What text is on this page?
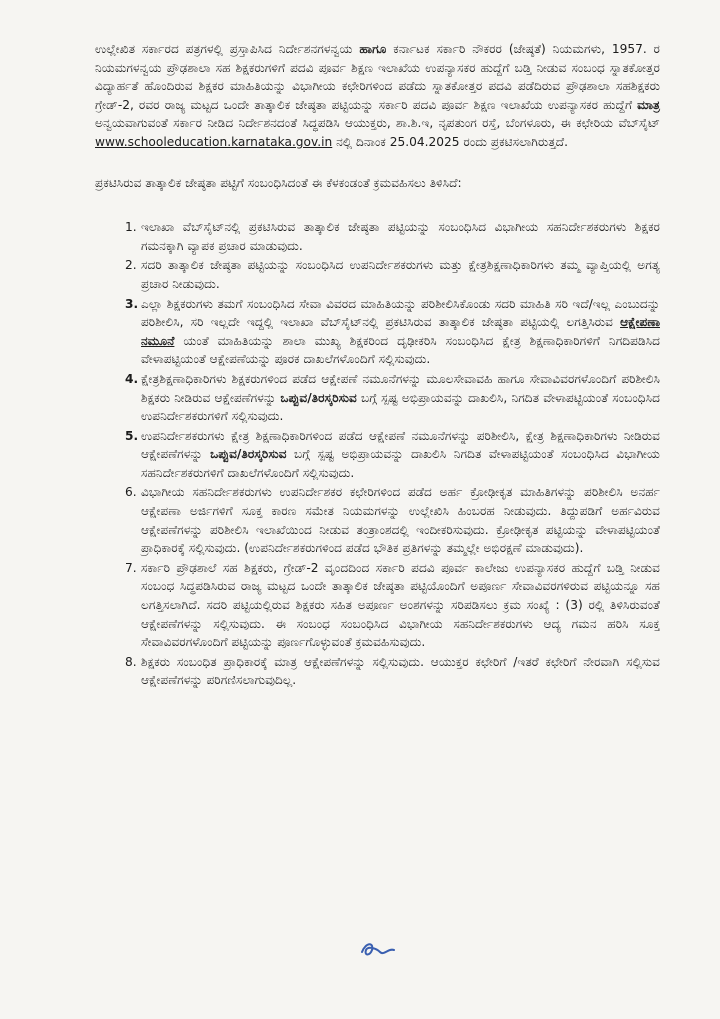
ಉಲ್ಲೇಖಿತ ಸರ್ಕಾರದ ಪತ್ರಗಳಲ್ಲಿ ಪ್ರಸ್ತಾಪಿಸಿದ ನಿರ್ದೇಶನಗಳನ್ವಯ ಹಾಗೂ ಕರ್ನಾಟಕ ಸರ್ಕಾರಿ ನೌಕರರ (ಜೇಷ್ಠತೆ) ನಿಯಮಗಳು, 1957. ರ ನಿಯಮಗಳನ್ವಯ ಪ್ರೌಢಶಾಲಾ ಸಹ ಶಿಕ್ಷಕರುಗಳಿಗೆ ಪದವಿ ಪೂರ್ವ ಶಿಕ್ಷಣ ಇಲಾಖೆಯ ಉಪನ್ಯಾಸಕರ ಹುದ್ದೆಗೆ ಬಡ್ತಿ ನೀಡುವ ಸಂಬಂಧ ಸ್ನಾತಕೋತ್ತರ ವಿದ್ಯಾರ್ಹತೆ ಹೊಂದಿರುವ ಶಿಕ್ಷಕರ ಮಾಹಿತಿಯನ್ನು ವಿಭಾಗೀಯ ಕಛೇರಿಗಳಿಂದ ಪಡೆದು ಸ್ನಾತಕೋತ್ತರ ಪದವಿ ಪಡೆದಿರುವ ಪ್ರೌಢಶಾಲಾ ಸಹಶಿಕ್ಷಕರು ಗ್ರೇಡ್-2, ರವರ ರಾಜ್ಯ ಮಟ್ಟದ ಒಂದೇ ತಾತ್ಕಾಲಿಕ ಜೇಷ್ಠತಾ ಪಟ್ಟಿಯನ್ನು ಸರ್ಕಾರಿ ಪದವಿ ಪೂರ್ವ ಶಿಕ್ಷಣ ಇಲಾಖೆಯ ಉಪನ್ಯಾಸಕರ ಹುದ್ದೆಗೆ ಮಾತ್ರ ಅನ್ವಯವಾಗುವಂತೆ ಸರ್ಕಾರ ನೀಡಿದ ನಿರ್ದೇಶನದಂತೆ ಸಿದ್ಧಪಡಿಸಿ ಆಯುಕ್ತರು, ಶಾ.ಶಿ.ಇ, ನೃಪತುಂಗ ರಸ್ತೆ, ಬೆಂಗಳೂರು, ಈ ಕಛೇರಿಯ ವೆಬ್‌ಸೈಟ್ www.schooleducation.karnataka.gov.in ನಲ್ಲಿ ದಿನಾಂಕ 25.04.2025 ರಂದು ಪ್ರಕಟಿಸಲಾಗಿರುತ್ತದೆ.

ಪ್ರಕಟಿಸಿರುವ ತಾತ್ಕಾಲಿಕ ಜೇಷ್ಠತಾ ಪಟ್ಟಿಗೆ ಸಂಬಂಧಿಸಿದಂತೆ ಈ ಕೆಳಕಂಡಂತೆ ಕ್ರಮವಹಿಸಲು ತಿಳಿಸಿದೆ:

1. ಇಲಾಖಾ ವೆಬ್‌ಸೈಟ್‌ನಲ್ಲಿ ಪ್ರಕಟಿಸಿರುವ ತಾತ್ಕಾಲಿಕ ಜೇಷ್ಠತಾ ಪಟ್ಟಿಯನ್ನು ಸಂಬಂಧಿಸಿದ ವಿಭಾಗೀಯ ಸಹನಿರ್ದೇಶಕರುಗಳು ಶಿಕ್ಷಕರ ಗಮನಕ್ಕಾಗಿ ವ್ಯಾಪಕ ಪ್ರಚಾರ ಮಾಡುವುದು.

2. ಸದರಿ ತಾತ್ಕಾಲಿಕ ಜೇಷ್ಠತಾ ಪಟ್ಟಿಯನ್ನು ಸಂಬಂಧಿಸಿದ ಉಪನಿರ್ದೇಶಕರುಗಳು ಮತ್ತು ಕ್ಷೇತ್ರಶಿಕ್ಷಣಾಧಿಕಾರಿಗಳು ತಮ್ಮ ವ್ಯಾಪ್ತಿಯಲ್ಲಿ ಅಗತ್ಯ ಪ್ರಚಾರ ನೀಡುವುದು.

3. ಎಲ್ಲಾ ಶಿಕ್ಷಕರುಗಳು ತಮಗೆ ಸಂಬಂಧಿಸಿದ ಸೇವಾ ವಿವರದ ಮಾಹಿತಿಯನ್ನು ಪರಿಶೀಲಿಸಿಕೊಂಡು ಸದರಿ ಮಾಹಿತಿ ಸರಿ ಇದೆ/ಇಲ್ಲ ಎಂಬುದನ್ನು ಪರಿಶೀಲಿಸಿ, ಸರಿ ಇಲ್ಲದೇ ಇದ್ದಲ್ಲಿ ಇಲಾಖಾ ವೆಬ್‌ಸೈಟ್‌ನಲ್ಲಿ ಪ್ರಕಟಿಸಿರುವ ತಾತ್ಕಾಲಿಕ ಜೇಷ್ಠತಾ ಪಟ್ಟಿಯಲ್ಲಿ ಲಗತ್ತಿಸಿರುವ ಆಕ್ಷೇಪಣಾ ನಮೂನೆ ಯಂತೆ ಮಾಹಿತಿಯನ್ನು ಶಾಲಾ ಮುಖ್ಯ ಶಿಕ್ಷಕರಿಂದ ದೃಢೀಕರಿಸಿ ಸಂಬಂಧಿಸಿದ ಕ್ಷೇತ್ರ ಶಿಕ್ಷಣಾಧಿಕಾರಿಗಳಿಗೆ ನಿಗದಿಪಡಿಸಿದ ವೇಳಾಪಟ್ಟಿಯಂತೆ ಆಕ್ಷೇಪಣೆಯನ್ನು ಪೂರಕ ದಾಖಲೆಗಳೊಂದಿಗೆ ಸಲ್ಲಿಸುವುದು.

4. ಕ್ಷೇತ್ರಶಿಕ್ಷಣಾಧಿಕಾರಿಗಳು ಶಿಕ್ಷಕರುಗಳಿಂದ ಪಡೆದ ಆಕ್ಷೇಪಣೆ ನಮೂನೆಗಳನ್ನು ಮೂಲಸೇವಾವಹಿ ಹಾಗೂ ಸೇವಾವಿವರಗಳೊಂದಿಗೆ ಪರಿಶೀಲಿಸಿ ಶಿಕ್ಷಕರು ನೀಡಿರುವ ಆಕ್ಷೇಪಣೆಗಳನ್ನು ಒಪ್ಪುವ/ತಿರಸ್ಕರಿಸುವ ಬಗ್ಗೆ ಸ್ಪಷ್ಟ ಅಭಿಪ್ರಾಯವನ್ನು ದಾಖಲಿಸಿ, ನಿಗದಿತ ವೇಳಾಪಟ್ಟಿಯಂತೆ ಸಂಬಂಧಿಸಿದ ಉಪನಿರ್ದೇಶಕರುಗಳಿಗೆ ಸಲ್ಲಿಸುವುದು.

5. ಉಪನಿರ್ದೇಶಕರುಗಳು ಕ್ಷೇತ್ರ ಶಿಕ್ಷಣಾಧಿಕಾರಿಗಳಿಂದ ಪಡೆದ ಆಕ್ಷೇಪಣೆ ನಮೂನೆಗಳನ್ನು ಪರಿಶೀಲಿಸಿ, ಕ್ಷೇತ್ರ ಶಿಕ್ಷಣಾಧಿಕಾರಿಗಳು ನೀಡಿರುವ ಆಕ್ಷೇಪಣೆಗಳನ್ನು ಒಪ್ಪುವ/ತಿರಸ್ಕರಿಸುವ ಬಗ್ಗೆ ಸ್ಪಷ್ಟ ಅಭಿಪ್ರಾಯವನ್ನು ದಾಖಲಿಸಿ ನಿಗದಿತ ವೇಳಾಪಟ್ಟಿಯಂತೆ ಸಂಬಂಧಿಸಿದ ವಿಭಾಗೀಯ ಸಹನಿರ್ದೇಶಕರುಗಳಿಗೆ ದಾಖಲೆಗಳೊಂದಿಗೆ ಸಲ್ಲಿಸುವುದು.

6. ವಿಭಾಗೀಯ ಸಹನಿರ್ದೇಶಕರುಗಳು ಉಪನಿರ್ದೇಶಕರ ಕಛೇರಿಗಳಿಂದ ಪಡೆದ ಅರ್ಹ ಕ್ರೋಢೀಕೃತ ಮಾಹಿತಿಗಳನ್ನು ಪರಿಶೀಲಿಸಿ ಅನರ್ಹ ಆಕ್ಷೇಪಣಾ ಅರ್ಜಿಗಳಿಗೆ ಸೂಕ್ತ ಕಾರಣ ಸಮೇತ ನಿಯಮಗಳನ್ನು ಉಲ್ಲೇಖಿಸಿ ಹಿಂಬರಹ ನೀಡುವುದು. ತಿದ್ದುಪಡಿಗೆ ಅರ್ಹವಿರುವ ಆಕ್ಷೇಪಣೆಗಳನ್ನು ಪರಿಶೀಲಿಸಿ ಇಲಾಖೆಯಿಂದ ನೀಡುವ ತಂತ್ರಾಂಶದಲ್ಲಿ ಇಂದೀಕರಿಸುವುದು. ಕ್ರೋಢೀಕೃತ ಪಟ್ಟಿಯನ್ನು ವೇಳಾಪಟ್ಟಿಯಂತೆ ಪ್ರಾಧಿಕಾರಕ್ಕೆ ಸಲ್ಲಿಸುವುದು. (ಉಪನಿರ್ದೇಶಕರುಗಳಿಂದ ಪಡೆದ ಭೌತಿಕ ಪ್ರತಿಗಳನ್ನು ತಮ್ಮಲ್ಲೇ ಅಭಿರಕ್ಷಣೆ ಮಾಡುವುದು).

7. ಸರ್ಕಾರಿ ಪ್ರೌಢಶಾಲೆ ಸಹ ಶಿಕ್ಷಕರು, ಗ್ರೇಡ್-2 ವೃಂದದಿಂದ ಸರ್ಕಾರಿ ಪದವಿ ಪೂರ್ವ ಕಾಲೇಜು ಉಪನ್ಯಾಸಕರ ಹುದ್ದೆಗೆ ಬಡ್ತಿ ನೀಡುವ ಸಂಬಂಧ ಸಿದ್ಧಪಡಿಸಿರುವ ರಾಜ್ಯ ಮಟ್ಟದ ಒಂದೇ ತಾತ್ಕಾಲಿಕ ಜೇಷ್ಠತಾ ಪಟ್ಟಿಯೊಂದಿಗೆ ಅಪೂರ್ಣ ಸೇವಾವಿವರಗಳಿರುವ ಪಟ್ಟಿಯನ್ನೂ ಸಹ ಲಗತ್ತಿಸಲಾಗಿದೆ. ಸದರಿ ಪಟ್ಟಿಯಲ್ಲಿರುವ ಶಿಕ್ಷಕರು ಸಹಿತ ಅಪೂರ್ಣ ಅಂಶಗಳನ್ನು ಸರಿಪಡಿಸಲು ಕ್ರಮ ಸಂಖ್ಯೆ : (3) ರಲ್ಲಿ ತಿಳಿಸಿರುವಂತೆ ಆಕ್ಷೇಪಣೆಗಳನ್ನು ಸಲ್ಲಿಸುವುದು. ಈ ಸಂಬಂಧ ಸಂಬಂಧಿಸಿದ ವಿಭಾಗೀಯ ಸಹನಿರ್ದೇಶಕರುಗಳು ಆದ್ಯ ಗಮನ ಹರಿಸಿ ಸೂಕ್ತ ಸೇವಾವಿವರಗಳೊಂದಿಗೆ ಪಟ್ಟಿಯನ್ನು ಪೂರ್ಣಗೊಳ್ಳುವಂತೆ ಕ್ರಮವಹಿಸುವುದು.

8. ಶಿಕ್ಷಕರು ಸಂಬಂಧಿತ ಪ್ರಾಧಿಕಾರಕ್ಕೆ ಮಾತ್ರ ಆಕ್ಷೇಪಣೆಗಳನ್ನು ಸಲ್ಲಿಸುವುದು. ಆಯುಕ್ತರ ಕಛೇರಿಗೆ /ಇತರೆ ಕಛೇರಿಗೆ ನೇರವಾಗಿ ಸಲ್ಲಿಸುವ ಆಕ್ಷೇಪಣೆಗಳನ್ನು ಪರಿಗಣಿಸಲಾಗುವುದಿಲ್ಲ.
